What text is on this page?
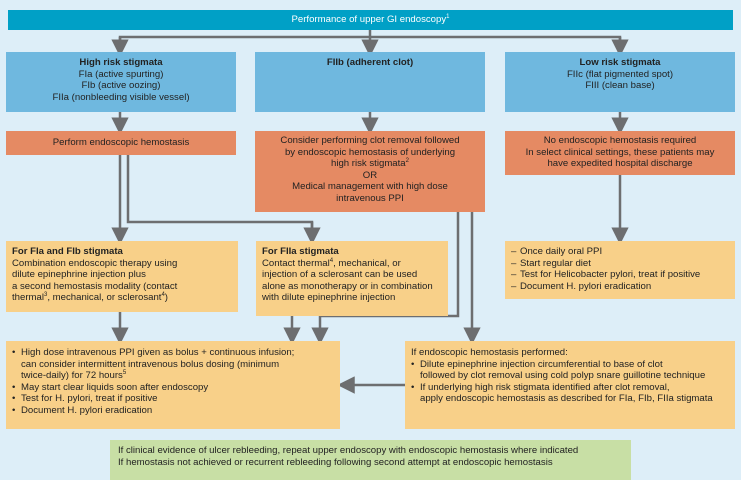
Performance of upper GI endoscopy$^1$
High risk stigmata
FIa (active spurting)
FIb (active oozing)
FIIa (nonbleeding visible vessel)
FIIb (adherent clot)	Low risk stigmata
FIIc (flat pigmented spot)
FIII (clean base)
Perform endoscopic hemostasis	Consider performing clot removal followed
by endoscopic hemostasis of underlying
high risk stigmata$^2$
OR
Medical management with high dose
intravenous PPI
No endoscopic hemostasis required
In select clinical settings, these patients may
have expedited hospital discharge
For FIa and FIb stigmata
Combination endoscopic therapy using
dilute epinephrine injection plus
a second hemostasis modality (contact
thermal$^3$, mechanical, or sclerosant$^4$)
For FIIa stigmata
Contact thermal$^4$, mechanical, or
injection of a sclerosant can be used
alone as monotherapy or in combination
with dilute epinephrine injection
– Once daily oral PPI
– Start regular diet
– Test for Helicobacter pylori, treat if positive
– Document H. pylori eradication
• High dose intravenous PPI given as bolus + continuous infusion;
can consider intermittent intravenous bolus dosing (minimum
twice-daily) for 72 hours$^5$
• May start clear liquids soon after endoscopy
• Test for H. pylori, treat if positive
• Document H. pylori eradication
If endoscopic hemostasis performed:
• Dilute epinephrine injection circumferential to base of clot
followed by clot removal using cold polyp snare guillotine technique
• If underlying high risk stigmata identified after clot removal,
apply endoscopic hemostasis as described for FIa, FIb, FIIa stigmata
If clinical evidence of ulcer rebleeding, repeat upper endoscopy with endoscopic hemostasis where indicated
If hemostasis not achieved or recurrent rebleeding following second attempt at endoscopic hemostasis
